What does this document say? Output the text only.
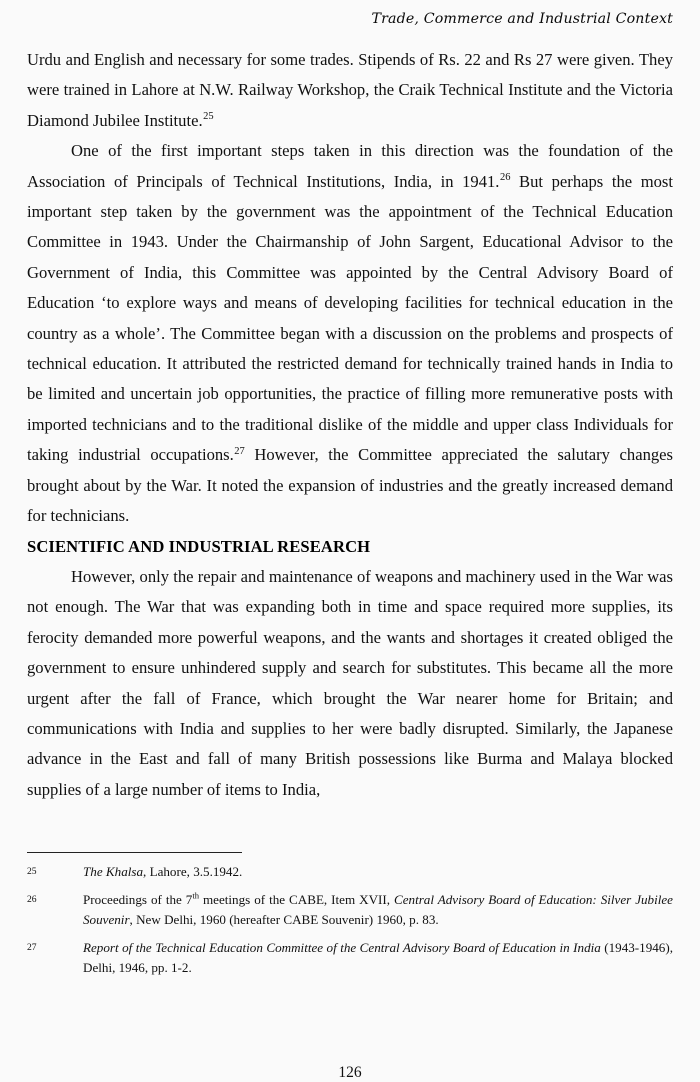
Trade, Commerce and Industrial Context

Urdu and English and necessary for some trades. Stipends of Rs. 22 and Rs 27 were given. They were trained in Lahore at N.W. Railway Workshop, the Craik Technical Institute and the Victoria Diamond Jubilee Institute.$^{25}$

One of the first important steps taken in this direction was the foundation of the Association of Principals of Technical Institutions, India, in 1941.26 But perhaps the most important step taken by the government was the appointment of the Technical Education Committee in 1943. Under the Chairmanship of John Sargent, Educational Advisor to the Government of India, this Committee was appointed by the Central Advisory Board of Education ‘to explore ways and means of developing facilities for technical education in the country as a whole’. The Committee began with a discussion on the problems and prospects of technical education. It attributed the restricted demand for technically trained hands in India to be limited and uncertain job opportunities, the practice of filling more remunerative posts with imported technicians and to the traditional dislike of the middle and upper class Individuals for taking industrial occupations.$^{27}$ However, the Committee appreciated the salutary changes brought about by the War. It noted the expansion of industries and the greatly increased demand for technicians.

SCIENTIFIC AND INDUSTRIAL RESEARCH

However, only the repair and maintenance of weapons and machinery used in the War was not enough. The War that was expanding both in time and space required more supplies, its ferocity demanded more powerful weapons, and the wants and shortages it created obliged the government to ensure unhindered supply and search for substitutes. This became all the more urgent after the fall of France, which brought the War nearer home for Britain; and communications with India and supplies to her were badly disrupted. Similarly, the Japanese advance in the East and fall of many British possessions like Burma and Malaya blocked supplies of a large number of items to India,

25	The Khalsa, Lahore, 3.5.1942.
26	Proceedings of the 7th meetings of the CABE, Item XVII, Central Advisory Board of Education: Silver Jubilee Souvenir, New Delhi, 1960 (hereafter CABE Souvenir) 1960, p. 83.
27	Report of the Technical Education Committee of the Central Advisory Board of Education in India (1943-1946), Delhi, 1946, pp. 1-2.
126
